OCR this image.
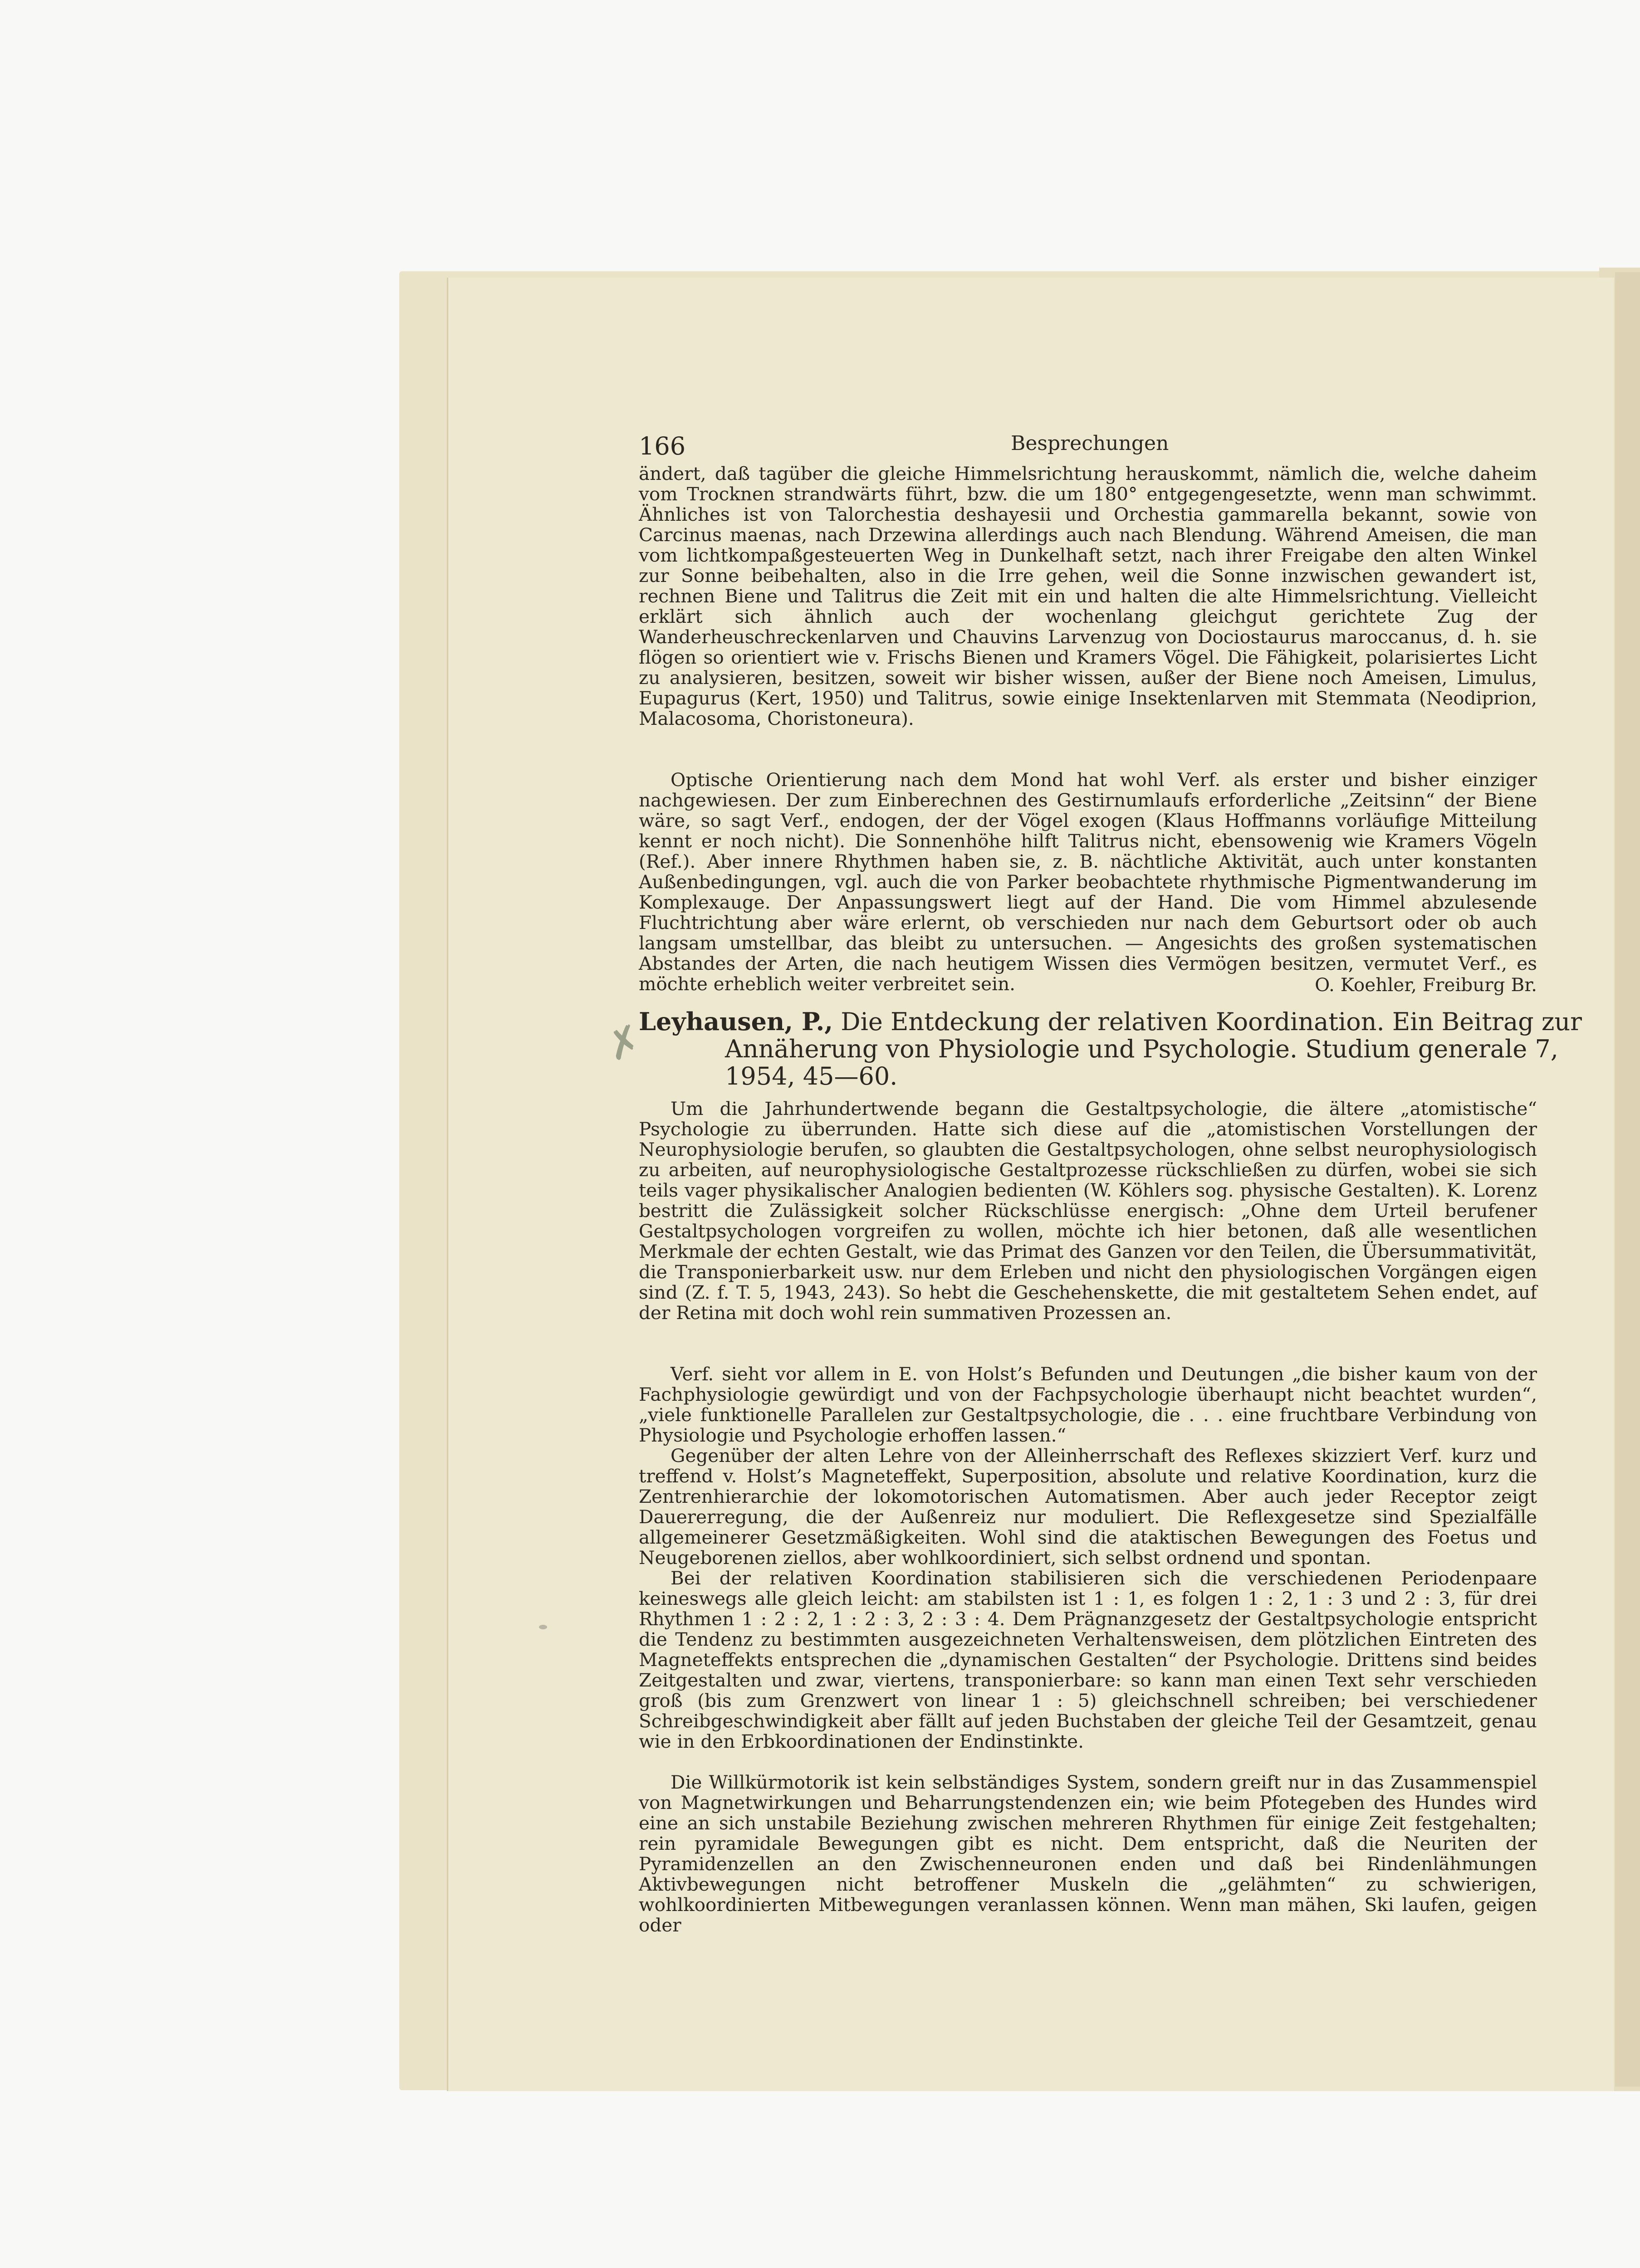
✗
166	Besprechungen

ändert, daß tagüber die gleiche Himmelsrichtung herauskommt, nämlich die, welche daheim vom Trocknen strandwärts führt, bzw. die um 180° entgegengesetzte, wenn man schwimmt. Ähnliches ist von Talorchestia deshayesii und Orchestia gammarella bekannt, sowie von Carcinus maenas, nach Drzewina allerdings auch nach Blendung. Während Ameisen, die man vom lichtkompaßgesteuerten Weg in Dunkelhaft setzt, nach ihrer Freigabe den alten Winkel zur Sonne beibehalten, also in die Irre gehen, weil die Sonne inzwischen gewandert ist, rechnen Biene und Talitrus die Zeit mit ein und halten die alte Himmelsrichtung. Vielleicht erklärt sich ähnlich auch der wochenlang gleichgut gerichtete Zug der Wanderheuschreckenlarven und Chauvins Larvenzug von Dociostaurus maroccanus, d. h. sie flögen so orientiert wie v. Frischs Bienen und Kramers Vögel. Die Fähigkeit, polarisiertes Licht zu analysieren, besitzen, soweit wir bisher wissen, außer der Biene noch Ameisen, Limulus, Eupagurus (Kert, 1950) und Talitrus, sowie einige Insektenlarven mit Stemmata (Neodiprion, Malacosoma, Choristoneura).

Optische Orientierung nach dem Mond hat wohl Verf. als erster und bisher einziger nachgewiesen. Der zum Einberechnen des Gestirnumlaufs erforderliche „Zeitsinn“ der Biene wäre, so sagt Verf., endogen, der der Vögel exogen (Klaus Hoffmanns vorläufige Mitteilung kennt er noch nicht). Die Sonnenhöhe hilft Talitrus nicht, ebensowenig wie Kramers Vögeln (Ref.). Aber innere Rhythmen haben sie, z. B. nächtliche Aktivität, auch unter konstanten Außenbedingungen, vgl. auch die von Parker beobachtete rhythmische Pigmentwanderung im Komplexauge. Der Anpassungswert liegt auf der Hand. Die vom Himmel abzulesende Fluchtrichtung aber wäre erlernt, ob verschieden nur nach dem Geburtsort oder ob auch langsam umstellbar, das bleibt zu untersuchen. — Angesichts des großen systematischen Abstandes der Arten, die nach heutigem Wissen dies Vermögen besitzen, vermutet Verf., es möchte erheblich weiter verbreitet sein.	O. Koehler, Freiburg Br.

Leyhausen, P., Die Entdeckung der relativen Koordination. Ein Beitrag zur Annäherung von Physiologie und Psychologie. Studium generale 7, 1954, 45—60.

Um die Jahrhundertwende begann die Gestaltpsychologie, die ältere „atomistische“ Psychologie zu überrunden. Hatte sich diese auf die „atomistischen Vorstellungen der Neurophysiologie berufen, so glaubten die Gestaltpsychologen, ohne selbst neurophysiologisch zu arbeiten, auf neurophysiologische Gestaltprozesse rückschließen zu dürfen, wobei sie sich teils vager physikalischer Analogien bedienten (W. Köhlers sog. physische Gestalten). K. Lorenz bestritt die Zulässigkeit solcher Rückschlüsse energisch: „Ohne dem Urteil berufener Gestaltpsychologen vorgreifen zu wollen, möchte ich hier betonen, daß alle wesentlichen Merkmale der echten Gestalt, wie das Primat des Ganzen vor den Teilen, die Übersummativität, die Transponierbarkeit usw. nur dem Erleben und nicht den physiologischen Vorgängen eigen sind (Z. f. T. 5, 1943, 243). So hebt die Geschehenskette, die mit gestaltetem Sehen endet, auf der Retina mit doch wohl rein summativen Prozessen an.

Verf. sieht vor allem in E. von Holst’s Befunden und Deutungen „die bisher kaum von der Fachphysiologie gewürdigt und von der Fachpsychologie überhaupt nicht beachtet wurden“, „viele funktionelle Parallelen zur Gestaltpsychologie, die . . . eine fruchtbare Verbindung von Physiologie und Psychologie erhoffen lassen.“

Gegenüber der alten Lehre von der Alleinherrschaft des Reflexes skizziert Verf. kurz und treffend v. Holst’s Magneteffekt, Superposition, absolute und relative Koordination, kurz die Zentrenhierarchie der lokomotorischen Automatismen. Aber auch jeder Receptor zeigt Dauererregung, die der Außenreiz nur moduliert. Die Reflexgesetze sind Spezialfälle allgemeinerer Gesetzmäßigkeiten. Wohl sind die ataktischen Bewegungen des Foetus und Neugeborenen ziellos, aber wohlkoordiniert, sich selbst ordnend und spontan.

Bei der relativen Koordination stabilisieren sich die verschiedenen Periodenpaare keineswegs alle gleich leicht: am stabilsten ist 1 : 1, es folgen 1 : 2, 1 : 3 und 2 : 3, für drei Rhythmen 1 : 2 : 2, 1 : 2 : 3, 2 : 3 : 4. Dem Prägnanzgesetz der Gestaltpsychologie entspricht die Tendenz zu bestimmten ausgezeichneten Verhaltensweisen, dem plötzlichen Eintreten des Magneteffekts entsprechen die „dynamischen Gestalten“ der Psychologie. Drittens sind beides Zeitgestalten und zwar, viertens, transponierbare: so kann man einen Text sehr verschieden groß (bis zum Grenzwert von linear 1 : 5) gleichschnell schreiben; bei verschiedener Schreibgeschwindigkeit aber fällt auf jeden Buchstaben der gleiche Teil der Gesamtzeit, genau wie in den Erbkoordinationen der Endinstinkte.

Die Willkürmotorik ist kein selbständiges System, sondern greift nur in das Zusammenspiel von Magnetwirkungen und Beharrungstendenzen ein; wie beim Pfotegeben des Hundes wird eine an sich unstabile Beziehung zwischen mehreren Rhythmen für einige Zeit festgehalten; rein pyramidale Bewegungen gibt es nicht. Dem entspricht, daß die Neuriten der Pyramidenzellen an den Zwischenneuronen enden und daß bei Rindenlähmungen Aktivbewegungen nicht betroffener Muskeln die „gelähmten“ zu schwierigen, wohlkoordinierten Mitbewegungen veranlassen können. Wenn man mähen, Ski laufen, geigen oder
